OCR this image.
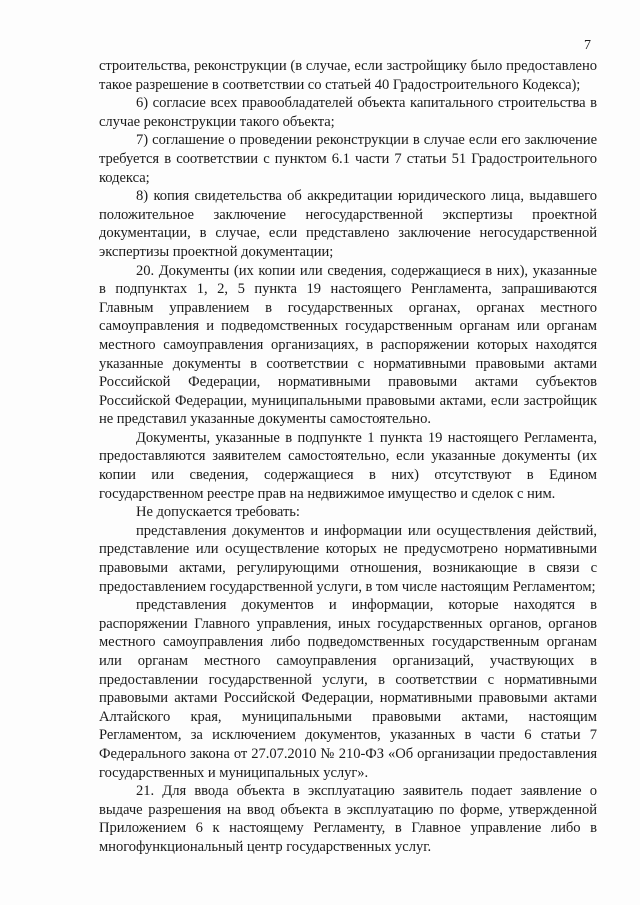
7

строительства, реконструкции (в случае, если застройщику было предоставлено такое разрешение в соответствии со статьей 40 Градостроительного Кодекса);

6) согласие всех правообладателей объекта капитального строительства в случае реконструкции такого объекта;

7) соглашение о проведении реконструкции в случае если его заключение требуется в соответствии с пунктом 6.1 части 7 статьи 51 Градостроительного кодекса;

8) копия свидетельства об аккредитации юридического лица, выдавшего положительное заключение негосударственной экспертизы проектной документации, в случае, если представлено заключение негосударственной экспертизы проектной документации;

20. Документы (их копии или сведения, содержащиеся в них), указанные в подпунктах 1, 2, 5 пункта 19 настоящего Ренгламента, запрашиваются Главным управлением в государственных органах, органах местного самоуправления и подведомственных государственным органам или органам местного самоуправления организациях, в распоряжении которых находятся указанные документы в соответствии с нормативными правовыми актами Российской Федерации, нормативными правовыми актами субъектов Российской Федерации, муниципальными правовыми актами, если застройщик не представил указанные документы самостоятельно.

Документы, указанные в подпункте 1 пункта 19 настоящего Регламента, предоставляются заявителем самостоятельно, если указанные документы (их копии или сведения, содержащиеся в них) отсутствуют в Едином государственном реестре прав на недвижимое имущество и сделок с ним.

Не допускается требовать:

представления документов и информации или осуществления действий, представление или осуществление которых не предусмотрено нормативными правовыми актами, регулирующими отношения, возникающие в связи с предоставлением государственной услуги, в том числе настоящим Регламентом;

представления документов и информации, которые находятся в распоряжении Главного управления, иных государственных органов, органов местного самоуправления либо подведомственных государственным органам или органам местного самоуправления организаций, участвующих в предоставлении государственной услуги, в соответствии с нормативными правовыми актами Российской Федерации, нормативными правовыми актами Алтайского края, муниципальными правовыми актами, настоящим Регламентом, за исключением документов, указанных в части 6 статьи 7 Федерального закона от 27.07.2010 № 210-ФЗ «Об организации предоставления государственных и муниципальных услуг».

21. Для ввода объекта в эксплуатацию заявитель подает заявление о выдаче разрешения на ввод объекта в эксплуатацию по форме, утвержденной Приложением 6 к настоящему Регламенту, в Главное управление либо в многофункциональный центр государственных услуг.
